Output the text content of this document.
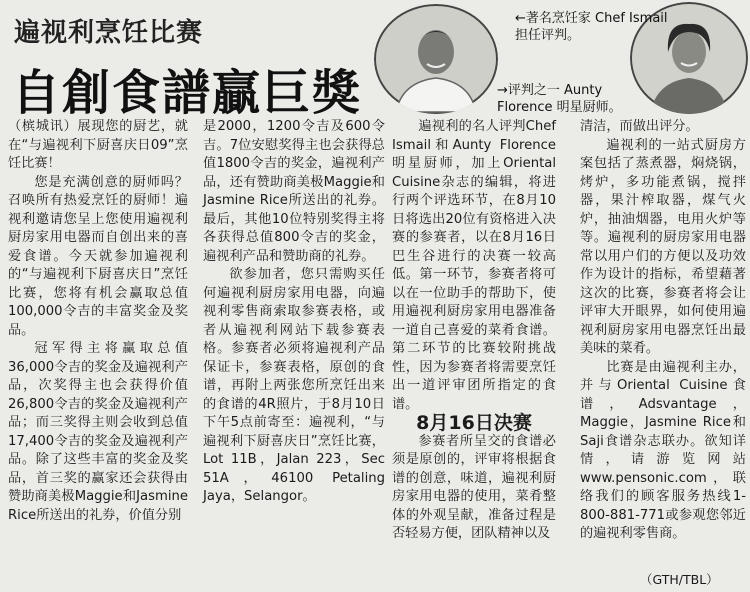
遍视利烹饪比赛
自創食譜贏巨獎
←著名烹饪家 Chef Ismail
担任评判。
→评判之一 Aunty
Florence 明星厨师。

（槟城讯）展现您的厨艺，就在“与遍视利下厨喜庆日09”烹饪比赛！

您是充满创意的厨师吗？召唤所有热爱烹饪的厨师！遍视利邀请您呈上您使用遍视利厨房家用电器而自创出来的喜爱食谱。今天就参加遍视利的“与遍视利下厨喜庆日”烹饪比赛，您将有机会赢取总值100,000令吉的丰富奖金及奖品。

冠军得主将赢取总值36,000令吉的奖金及遍视利产品，次奖得主也会获得价值26,800令吉的奖金及遍视利产品；而三奖得主则会收到总值17,400令吉的奖金及遍视利产品。除了这些丰富的奖金及奖品，首三奖的赢家还会获得由赞助商美极Maggie和Jasmine Rice所送出的礼券，价值分别

是2000，1200令吉及600令吉。7位安慰奖得主也会获得总值1800令吉的奖金，遍视利产品，还有赞助商美极Maggie和Jasmine Rice所送出的礼券。最后，其他10位特别奖得主将各获得总值800令吉的奖金，遍视利产品和赞助商的礼券。

欲参加者，您只需购买任何遍视利厨房家用电器，向遍视利零售商索取参赛表格，或者从遍视利网站下载参赛表格。参赛者必须将遍视利产品保证卡，参赛表格，原创的食谱，再附上两张您所烹饪出来的食谱的4R照片，于8月10日下午5点前寄至：遍视利，“与遍视利下厨喜庆日”烹饪比赛，Lot 11B，Jalan 223，Sec 51A，46100 Petaling Jaya，Selangor。

遍视利的名人评判Chef Ismail和Aunty Florence明星厨师，加上Oriental Cuisine杂志的编辑，将进行两个评选环节，在8月10日将选出20位有资格进入决赛的参赛者，以在8月16日巴生谷进行的决赛一较高低。第一环节，参赛者将可以在一位助手的帮助下，使用遍视利厨房家用电器准备一道自己喜爱的菜肴食谱。第二环节的比赛较附挑战性，因为参赛者将需要烹饪出一道评审团所指定的食谱。

8月16日决赛

参赛者所呈交的食谱必须是原创的，评审将根据食谱的创意，味道，遍视利厨房家用电器的使用，菜肴整体的外观呈献，准备过程是否轻易方便，团队精神以及

清洁，而做出评分。

遍视利的一站式厨房方案包括了蒸煮器，焖烧锅，烤炉，多功能煮锅，搅拌器，果汁榨取器，煤气火炉，抽油烟器，电用火炉等等。遍视利的厨房家用电器常以用户们的方便以及功效作为设计的指标，希望藉著这次的比赛，参赛者将会让评审大开眼界，如何使用遍视利厨房家用电器烹饪出最美味的菜肴。

比赛是由遍视利主办，并与Oriental Cuisine食谱，Adsvantage，Maggie，Jasmine Rice和Saji食谱杂志联办。欲知详情，请游览网站www.pensonic.com，联络我们的顾客服务热线1-800-881-771或参观您邻近的遍视利零售商。

（GTH/TBL）
